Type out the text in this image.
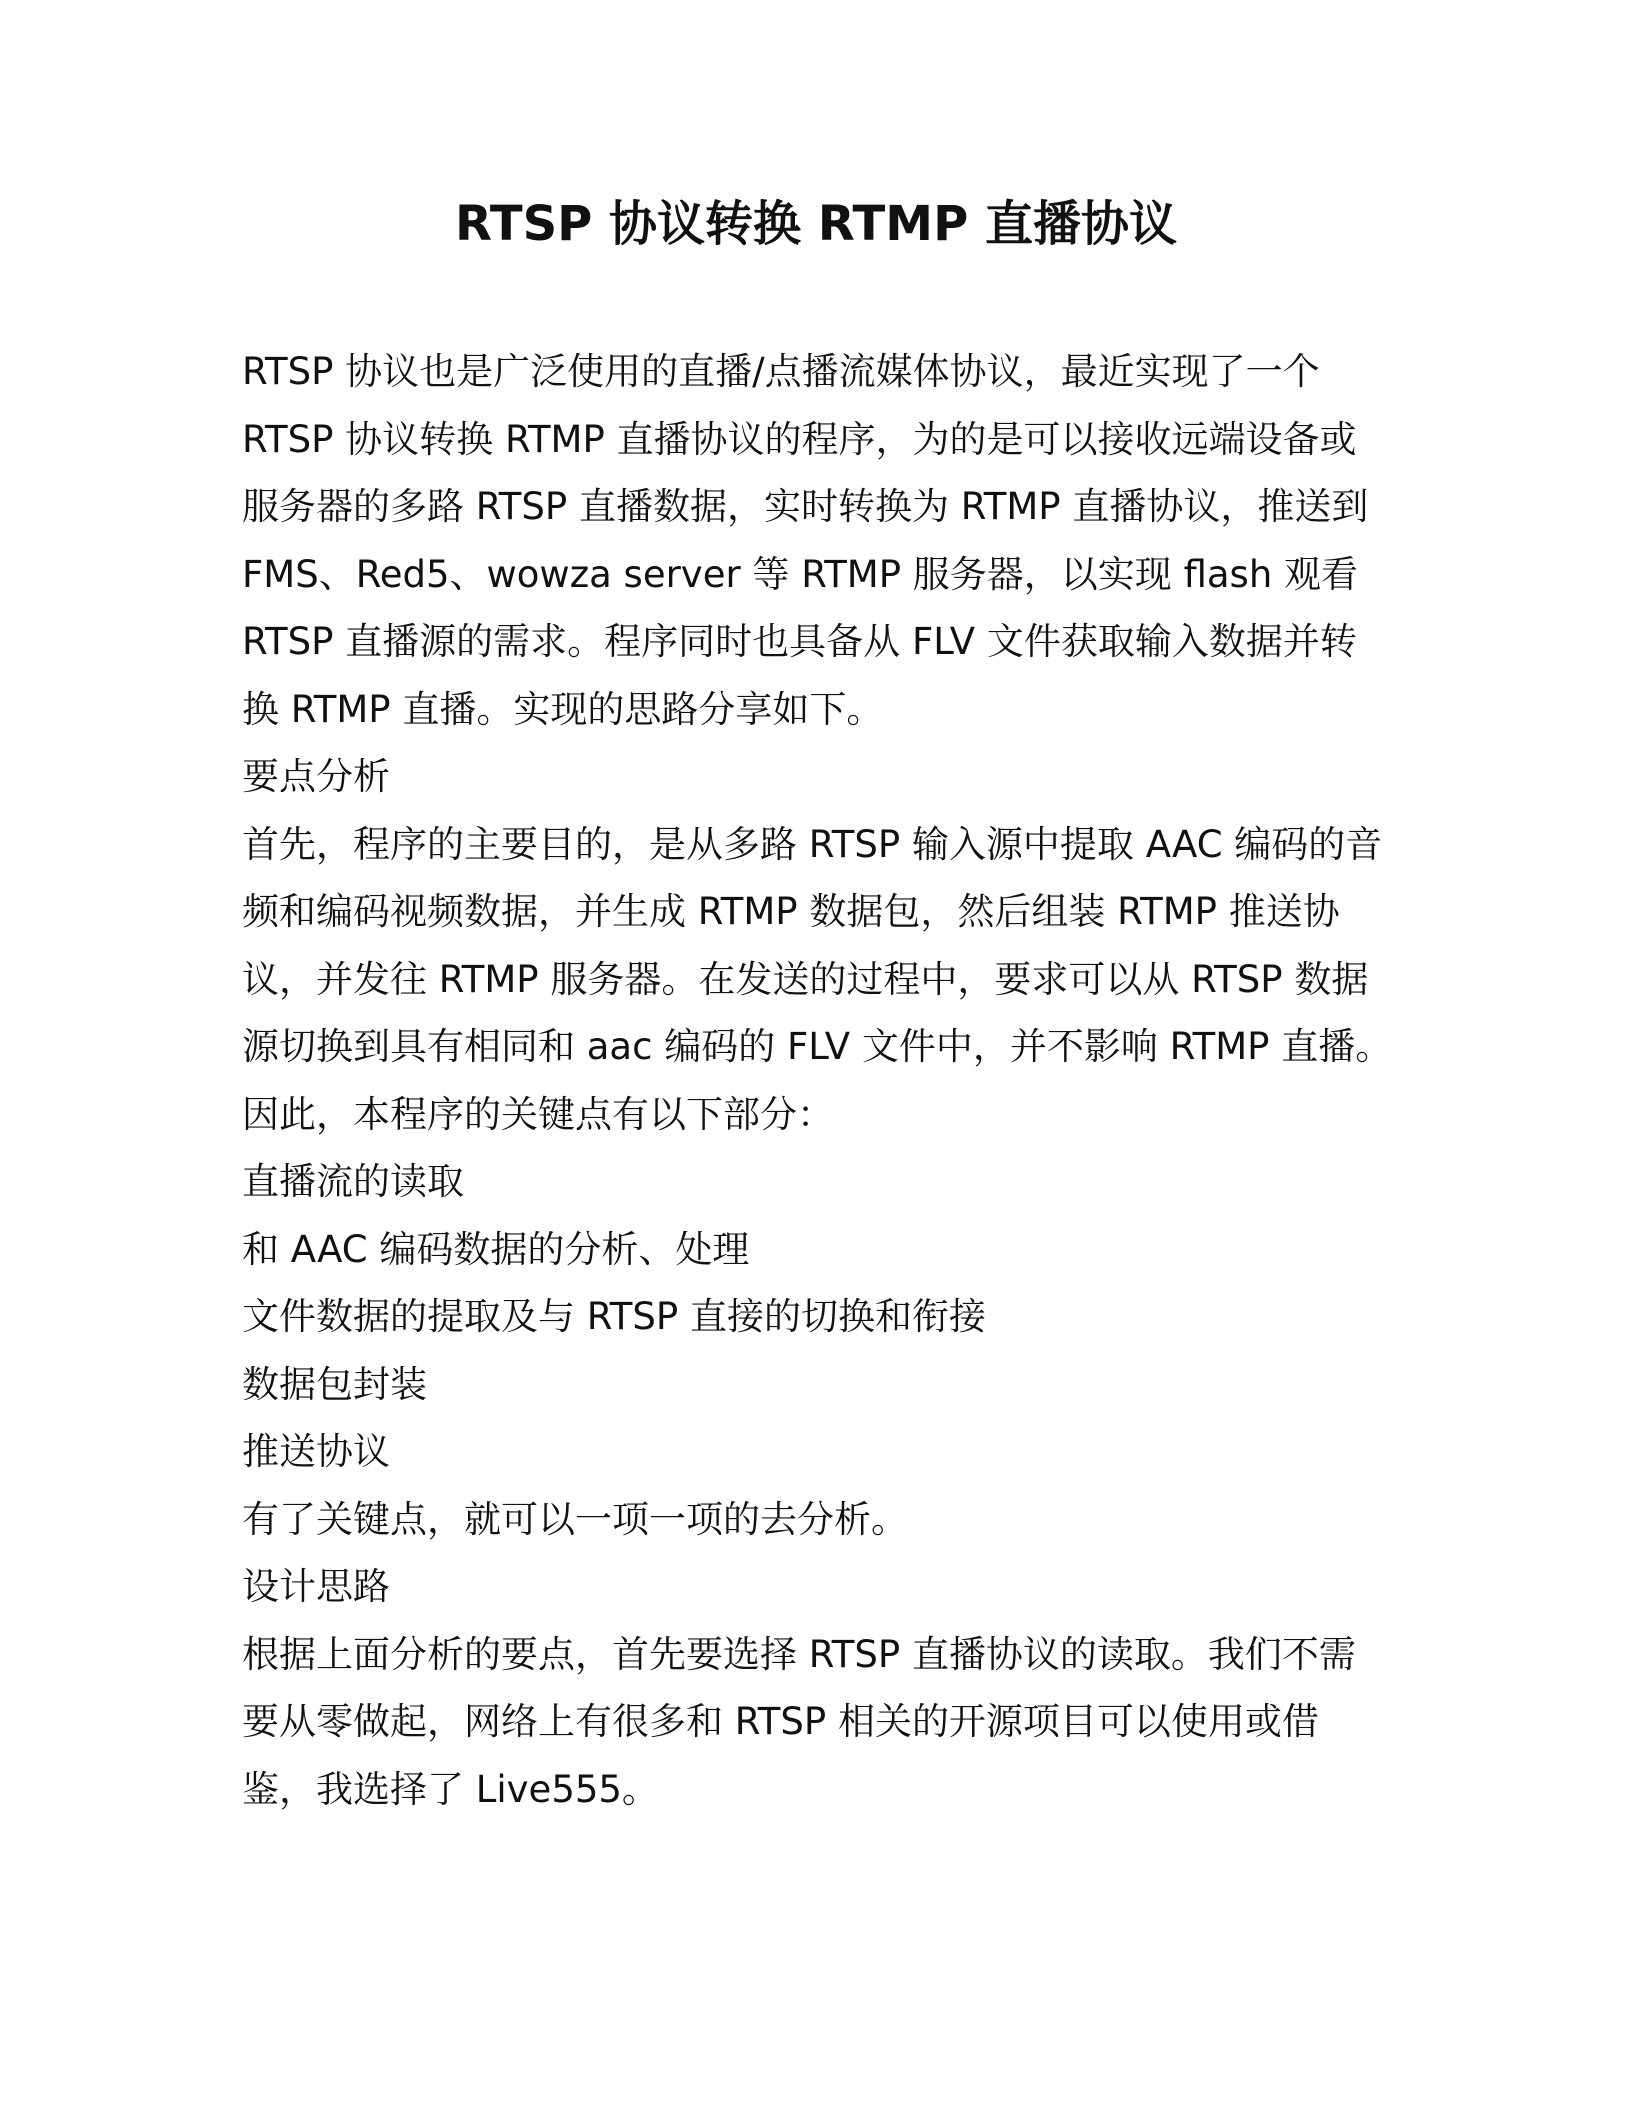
RTSP 协议转换 RTMP 直播协议

RTSP 协议也是广泛使用的直播/点播流媒体协议，最近实现了一个
RTSP 协议转换 RTMP 直播协议的程序，为的是可以接收远端设备或
服务器的多路 RTSP 直播数据，实时转换为 RTMP 直播协议，推送到
FMS、Red5、wowza server 等 RTMP 服务器，以实现 flash 观看
RTSP 直播源的需求。程序同时也具备从 FLV 文件获取输入数据并转
换 RTMP 直播。实现的思路分享如下。

要点分析

首先，程序的主要目的，是从多路 RTSP 输入源中提取 AAC 编码的音
频和编码视频数据，并生成 RTMP 数据包，然后组装 RTMP 推送协
议，并发往 RTMP 服务器。在发送的过程中，要求可以从 RTSP 数据
源切换到具有相同和 aac 编码的 FLV 文件中，并不影响 RTMP 直播。
因此，本程序的关键点有以下部分：

直播流的读取

和 AAC 编码数据的分析、处理

文件数据的提取及与 RTSP 直接的切换和衔接

数据包封装

推送协议

有了关键点，就可以一项一项的去分析。

设计思路

根据上面分析的要点，首先要选择 RTSP 直播协议的读取。我们不需
要从零做起，网络上有很多和 RTSP 相关的开源项目可以使用或借
鉴，我选择了 Live555。
